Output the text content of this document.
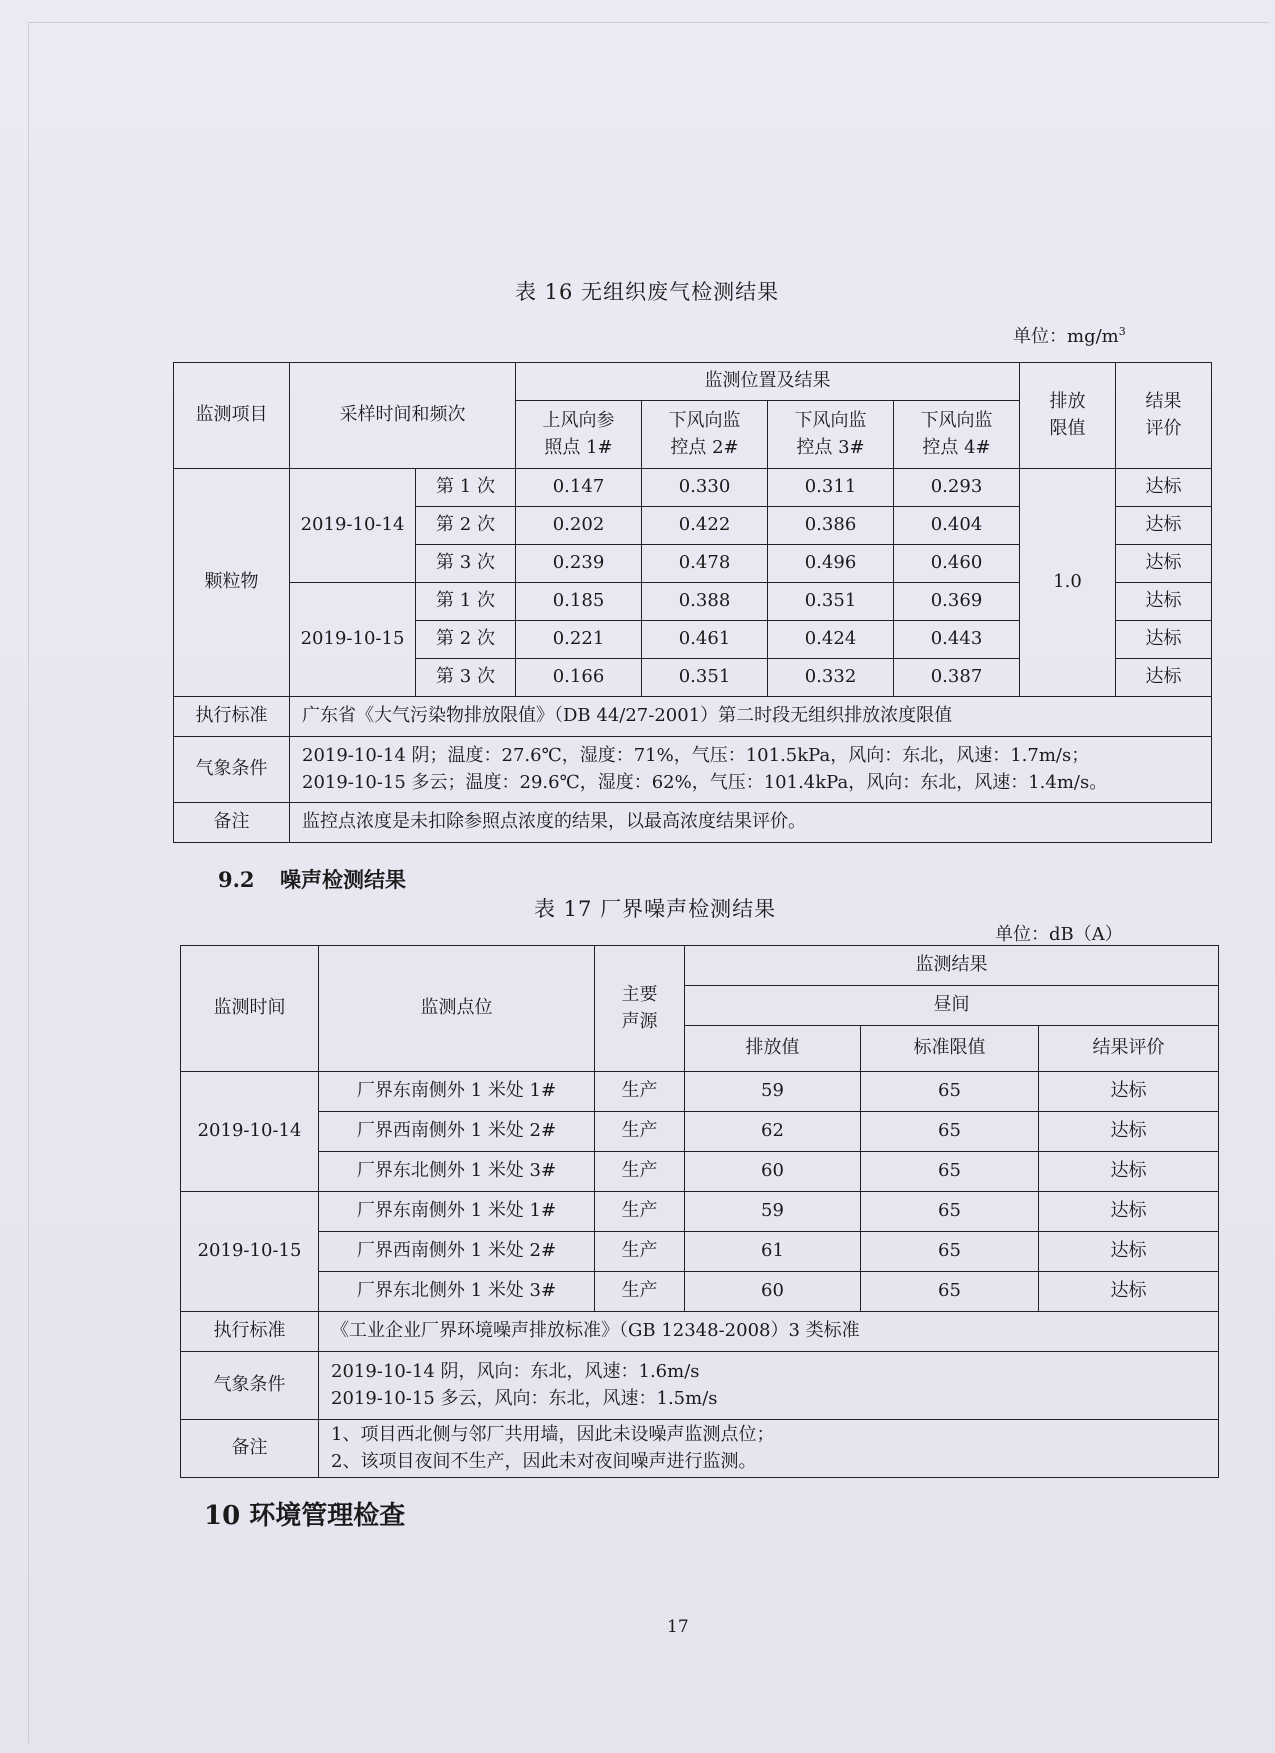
表 16 无组织废气检测结果
单位：$mg/m^3$
监测项目	采样时间和频次		监测位置及结果				排放限值	结果评价
			上风向参照点 1#	下风向监控点 2#	下风向监控点 3#	下风向监控点 4#		
颗粒物	2019-10-14	第 1 次	0.147	0.330	0.311	0.293	1.0	达标
		第 2 次	0.202	0.422	0.386	0.404		达标
		第 3 次	0.239	0.478	0.496	0.460		达标
	2019-10-15	第 1 次	0.185	0.388	0.351	0.369		达标
		第 2 次	0.221	0.461	0.424	0.443		达标
		第 3 次	0.166	0.351	0.332	0.387		达标
执行标准	广东省《大气污染物排放限值》（DB 44/27-2001）第二时段无组织排放浓度限值							
气象条件	2019-10-14 阴；温度：27.6℃，湿度：71%，气压：101.5kPa，风向：东北，风速：1.7m/s；
2019-10-15 多云；温度：29.6℃，湿度：62%，气压：101.4kPa，风向：东北，风速：1.4m/s。							

备注	监控点浓度是未扣除参照点浓度的结果，以最高浓度结果评价。							
9.2 噪声检测结果
表 17 厂界噪声检测结果
单位：dB（A）
监测时间	监测点位	主要声源	监测结果		
			昼间		
			排放值	标准限值	结果评价
2019-10-14	厂界东南侧外 1 米处 1#	生产	59	65	达标
	厂界西南侧外 1 米处 2#	生产	62	65	达标
	厂界东北侧外 1 米处 3#	生产	60	65	达标
2019-10-15	厂界东南侧外 1 米处 1#	生产	59	65	达标
	厂界西南侧外 1 米处 2#	生产	61	65	达标
	厂界东北侧外 1 米处 3#	生产	60	65	达标
执行标准	《工业企业厂界环境噪声排放标准》（GB 12348-2008）3 类标准				
气象条件	2019-10-14 阴，风向：东北，风速：1.6m/s
2019-10-15 多云，风向：东北，风速：1.5m/s				

备注	1、项目西北侧与邻厂共用墙，因此未设噪声监测点位；
2、该项目夜间不生产，因此未对夜间噪声进行监测。				
10 环境管理检查
17
